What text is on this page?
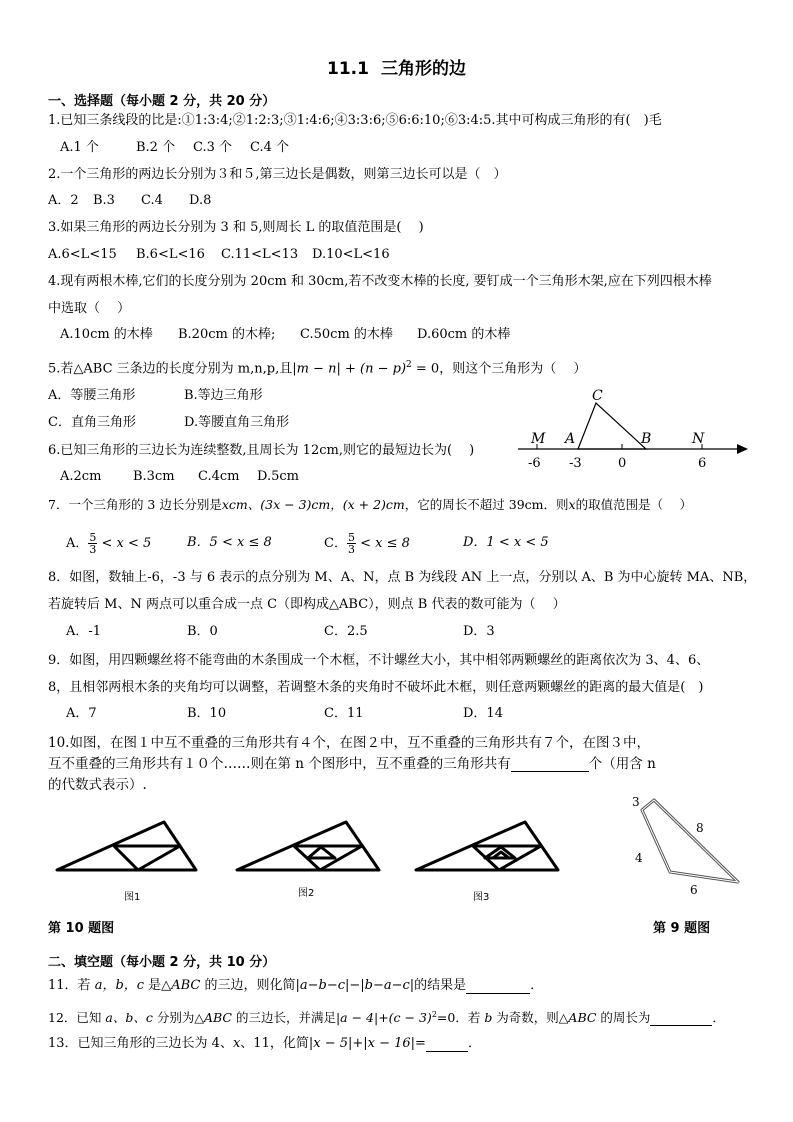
11.1 三角形的边
一、选择题（每小题 2 分，共 20 分）
1.已知三条线段的比是:①1:3:4;②1:2:3;③1:4:6;④3:3:6;⑤6:6:10;⑥3:4:5.其中可构成三角形的有(　)毛
A.1 个	B.2 个 C.3 个 C.4 个
2.一个三角形的两边长分别为３和５,第三边长是偶数，则第三边长可以是（　）
A．2 B.3 C.4 D.8
3.如果三角形的两边长分别为 3 和 5,则周长 L 的取值范围是(　 )
A.6<L<15 B.6<L<16 C.11<L<13 D.10<L<16
4.现有两根木棒,它们的长度分别为 20cm 和 30cm,若不改变木棒的长度, 要钉成一个三角形木架,应在下列四根木棒
中选取（　 ）
A.10cm 的木棒 B.20cm 的木棒; C.50cm 的木棒 D.60cm 的木棒
5.若△ABC 三条边的长度分别为 m,n,p,且$|m - n| + (n - p)^2 = 0$，则这个三角形为（　 ）
A．等腰三角形	B.等边三角形
C．直角三角形	D.等腰直角三角形
C
M A	B	N
-6 -3	0	6
6.已知三角形的三边长为连续整数,且周长为 12cm,则它的最短边长为(　 )
A.2cm B.3cm C.4cm D.5cm
7．一个三角形的 3 边长分别是xcm、(3x − 3)cm，(x + 2)cm，它的周长不超过 39cm．则x的取值范围是（　 ）
A． $\frac{5}{3} < x < 5$	B．5 < x ≤ 8	C． $\frac{5}{3} < x \le 8$	D．1 < x < 5
8．如图，数轴上-6，-3 与 6 表示的点分别为 M、A、N，点 B 为线段 AN 上一点，分别以 A、B 为中心旋转 MA、NB，
若旋转后 M、N 两点可以重合成一点 C（即构成△ABC），则点 B 代表的数可能为（　 ）
A．-1	B．0	C．2.5	D．3
9．如图，用四颗螺丝将不能弯曲的木条围成一个木框，不计螺丝大小，其中相邻两颗螺丝的距离依次为 3、4、6、
8，且相邻两根木条的夹角均可以调整，若调整木条的夹角时不破坏此木框，则任意两颗螺丝的距离的最大值是(　)
A．7	B．10	C．11	D．14
10.如图，在图１中互不重叠的三角形共有４个，在图２中，互不重叠的三角形共有７个，在图３中，
互不重叠的三角形共有１０个……则在第 n 个图形中，互不重叠的三角形共有	个（用含 n
的代数式表示）.
图1	图2	图3
3
8
4
6
第 10 题图	第 9 题图
二、填空题（每小题 2 分，共 10 分）
11．若 a，b，c 是△ABC 的三边，则化简|a−b−c|−|b−a−c|的结果是	．
12．已知 a、b、c 分别为△ABC 的三边长，并满足$|a - 4|+(c - 3)^2=0$．若 b 为奇数，则△ABC 的周长为	．
13．已知三角形的三边长为 4、x、11，化简|x − 5|+|x − 16|=	．
